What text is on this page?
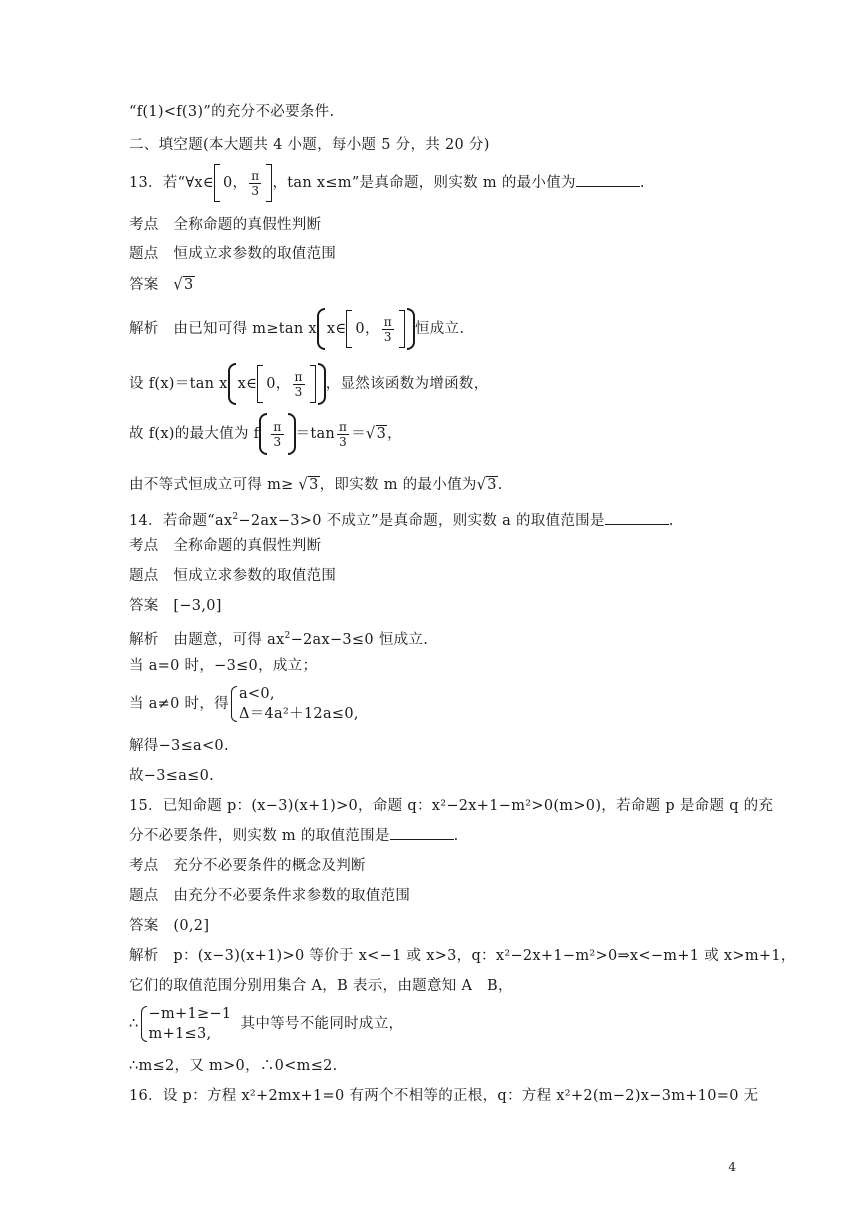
“f(1)<f(3)”的充分不必要条件.
二、填空题(本大题共 4 小题，每小题 5 分，共 20 分)
13．若“∀x∈ 0， $\frac{\pi}{3}$ ，tan x≤m”是真命题，则实数 m 的最小值为	.
考点　全称命题的真假性判断
题点　恒成立求参数的取值范围
答案　 √3
解析　由已知可得 m≥tan x x∈ 0， $\frac{\pi}{3}$ 恒成立.
设 f(x)＝tan x x∈ 0， $\frac{\pi}{3}$ ，显然该函数为增函数，
故 f(x)的最大值为 f $\frac{\pi}{3} =\tan \frac{\pi}{3} =√3$，
由不等式恒成立可得 m≥ √3，即实数 m 的最小值为√3.
14．若命题“$ax^2-2ax-3>0$ 不成立”是真命题，则实数 a 的取值范围是	.
考点　全称命题的真假性判断
题点　恒成立求参数的取值范围
答案　[−3,0]
解析　由题意，可得 $ax^2-2ax-3\le 0$ 恒成立.
当 a=0 时，−3≤0，成立；
当 a≠0 时，得
a<0,
Δ＝4a²＋12a≤0,
解得−3≤a<0.
故−3≤a≤0.
15．已知命题 p：(x−3)(x+1)>0，命题 q：x²−2x+1−m²>0(m>0)，若命题 p 是命题 q 的充
分不必要条件，则实数 m 的取值范围是	.
考点　充分不必要条件的概念及判断
题点　由充分不必要条件求参数的取值范围
答案　(0,2]
解析　p：(x−3)(x+1)>0 等价于 x<−1 或 x>3，q：x²−2x+1−m²>0⇒x<−m+1 或 x>m+1，
它们的取值范围分别用集合 A，B 表示，由题意知 A　B，
∴
−m+1≥−1
m+1≤3,
其中等号不能同时成立，
∴m≤2，又 m>0，∴0<m≤2.
16．设 p：方程 x²+2mx+1=0 有两个不相等的正根，q：方程 x²+2(m−2)x−3m+10=0 无
4
